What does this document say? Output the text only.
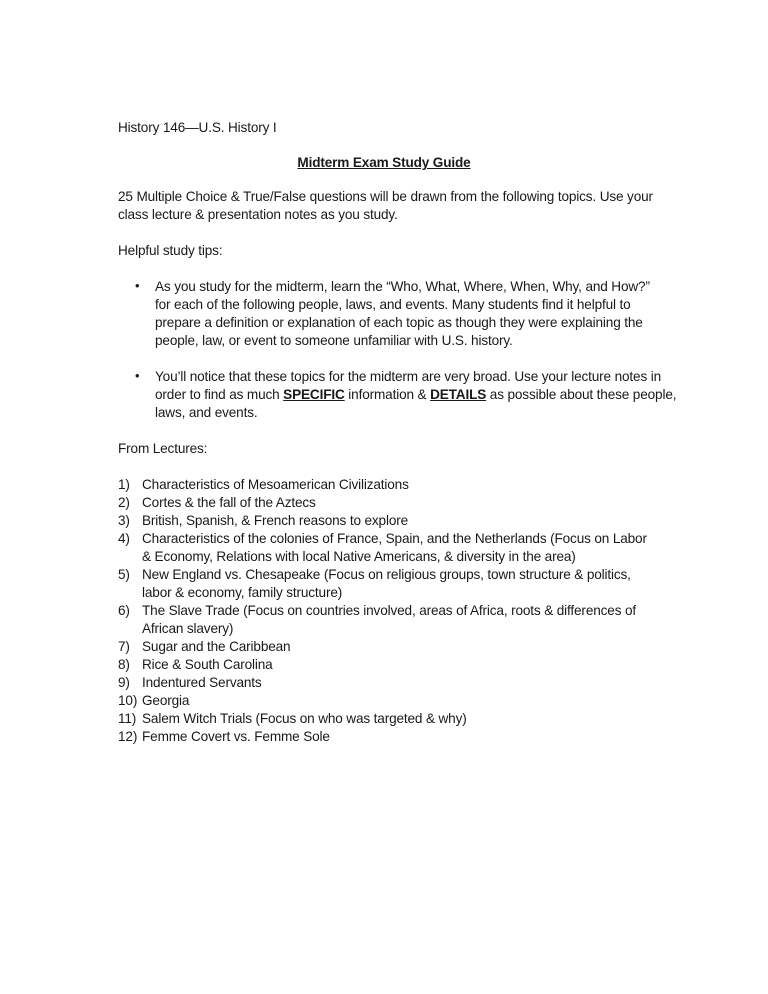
History 146—U.S. History I
Midterm Exam Study Guide
25 Multiple Choice & True/False questions will be drawn from the following topics. Use your
class lecture & presentation notes as you study.
Helpful study tips:
• As you study for the midterm, learn the “Who, What, Where, When, Why, and How?”
for each of the following people, laws, and events. Many students find it helpful to
prepare a definition or explanation of each topic as though they were explaining the
people, law, or event to someone unfamiliar with U.S. history.
• You’ll notice that these topics for the midterm are very broad. Use your lecture notes in
order to find as much SPECIFIC information & DETAILS as possible about these people,
laws, and events.
From Lectures:
1) Characteristics of Mesoamerican Civilizations
2) Cortes & the fall of the Aztecs
3) British, Spanish, & French reasons to explore
4) Characteristics of the colonies of France, Spain, and the Netherlands (Focus on Labor
& Economy, Relations with local Native Americans, & diversity in the area)
5) New England vs. Chesapeake (Focus on religious groups, town structure & politics,
labor & economy, family structure)
6) The Slave Trade (Focus on countries involved, areas of Africa, roots & differences of
African slavery)
7) Sugar and the Caribbean
8) Rice & South Carolina
9) Indentured Servants
10) Georgia
11) Salem Witch Trials (Focus on who was targeted & why)
12) Femme Covert vs. Femme Sole
